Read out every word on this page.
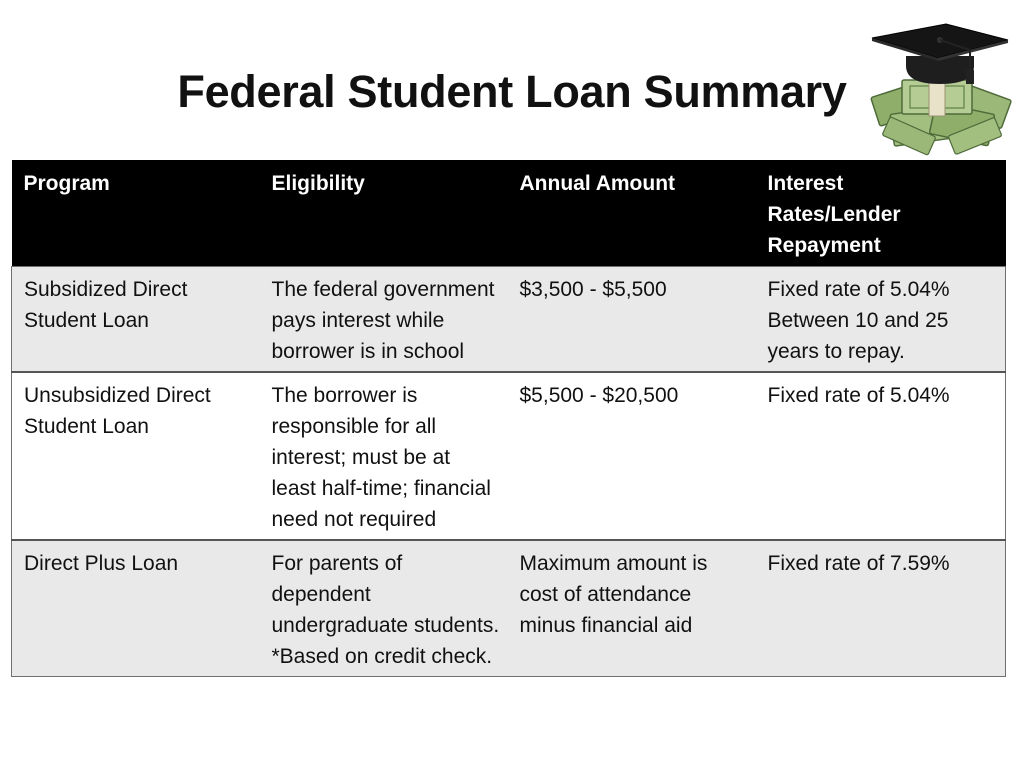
Federal Student Loan Summary
Program	Eligibility	Annual Amount	Interest Rates/Lender Repayment
Subsidized Direct Student Loan	The federal government pays interest while borrower is in school	$3,500 - $5,500	Fixed rate of 5.04% Between 10 and 25 years to repay.
Unsubsidized Direct Student Loan	The borrower is responsible for all interest; must be at least half-time; financial need not required	$5,500 - $20,500	Fixed rate of 5.04%
Direct Plus Loan	For parents of dependent undergraduate students. *Based on credit check.	Maximum amount is cost of attendance minus financial aid	Fixed rate of 7.59%
